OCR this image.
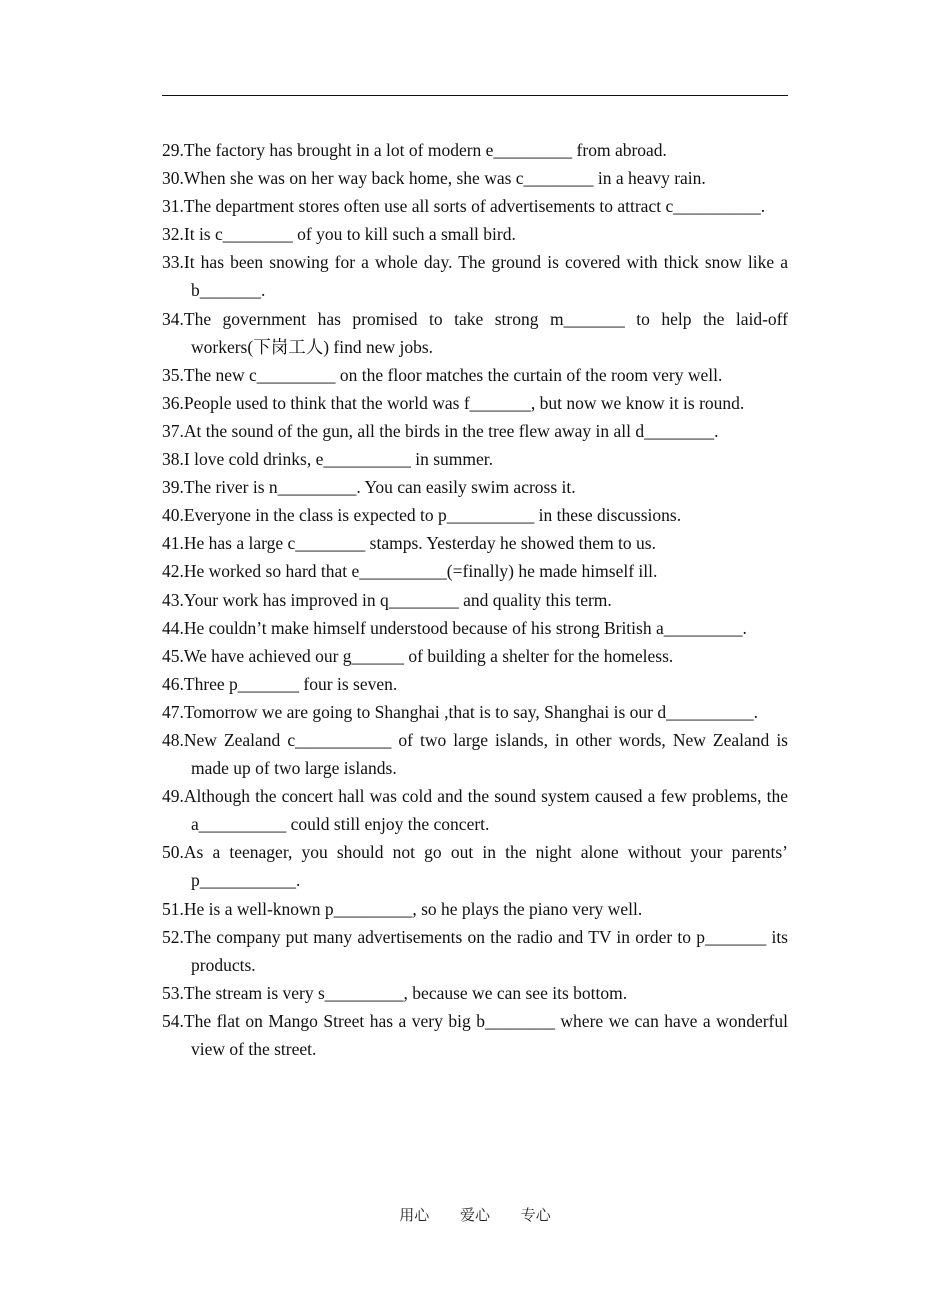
29.The factory has brought in a lot of modern e_________ from abroad.
30.When she was on her way back home, she was c________ in a heavy rain.
31.The department stores often use all sorts of advertisements to attract c__________.
32.It is c________ of you to kill such a small bird.
33.It has been snowing for a whole day. The ground is covered with thick snow like a b_______.
34.The government has promised to take strong m_______ to help the laid-off workers(下岗工人) find new jobs.
35.The new c_________ on the floor matches the curtain of the room very well.
36.People used to think that the world was f_______, but now we know it is round.
37.At the sound of the gun, all the birds in the tree flew away in all d________.
38.I love cold drinks, e__________ in summer.
39.The river is n_________. You can easily swim across it.
40.Everyone in the class is expected to p__________ in these discussions.
41.He has a large c________ stamps. Yesterday he showed them to us.
42.He worked so hard that e__________(=finally) he made himself ill.
43.Your work has improved in q________ and quality this term.
44.He couldn’t make himself understood because of his strong British a_________.
45.We have achieved our g______ of building a shelter for the homeless.
46.Three p_______ four is seven.
47.Tomorrow we are going to Shanghai ,that is to say, Shanghai is our d__________.
48.New Zealand c___________ of two large islands, in other words, New Zealand is made up of two large islands.
49.Although the concert hall was cold and the sound system caused a few problems, the a__________ could still enjoy the concert.
50.As a teenager, you should not go out in the night alone without your parents’ p___________.
51.He is a well-known p_________, so he plays the piano very well.
52.The company put many advertisements on the radio and TV in order to p_______ its products.
53.The stream is very s_________, because we can see its bottom.
54.The flat on Mango Street has a very big b________ where we can have a wonderful view of the street.
用心 爱心 专心
